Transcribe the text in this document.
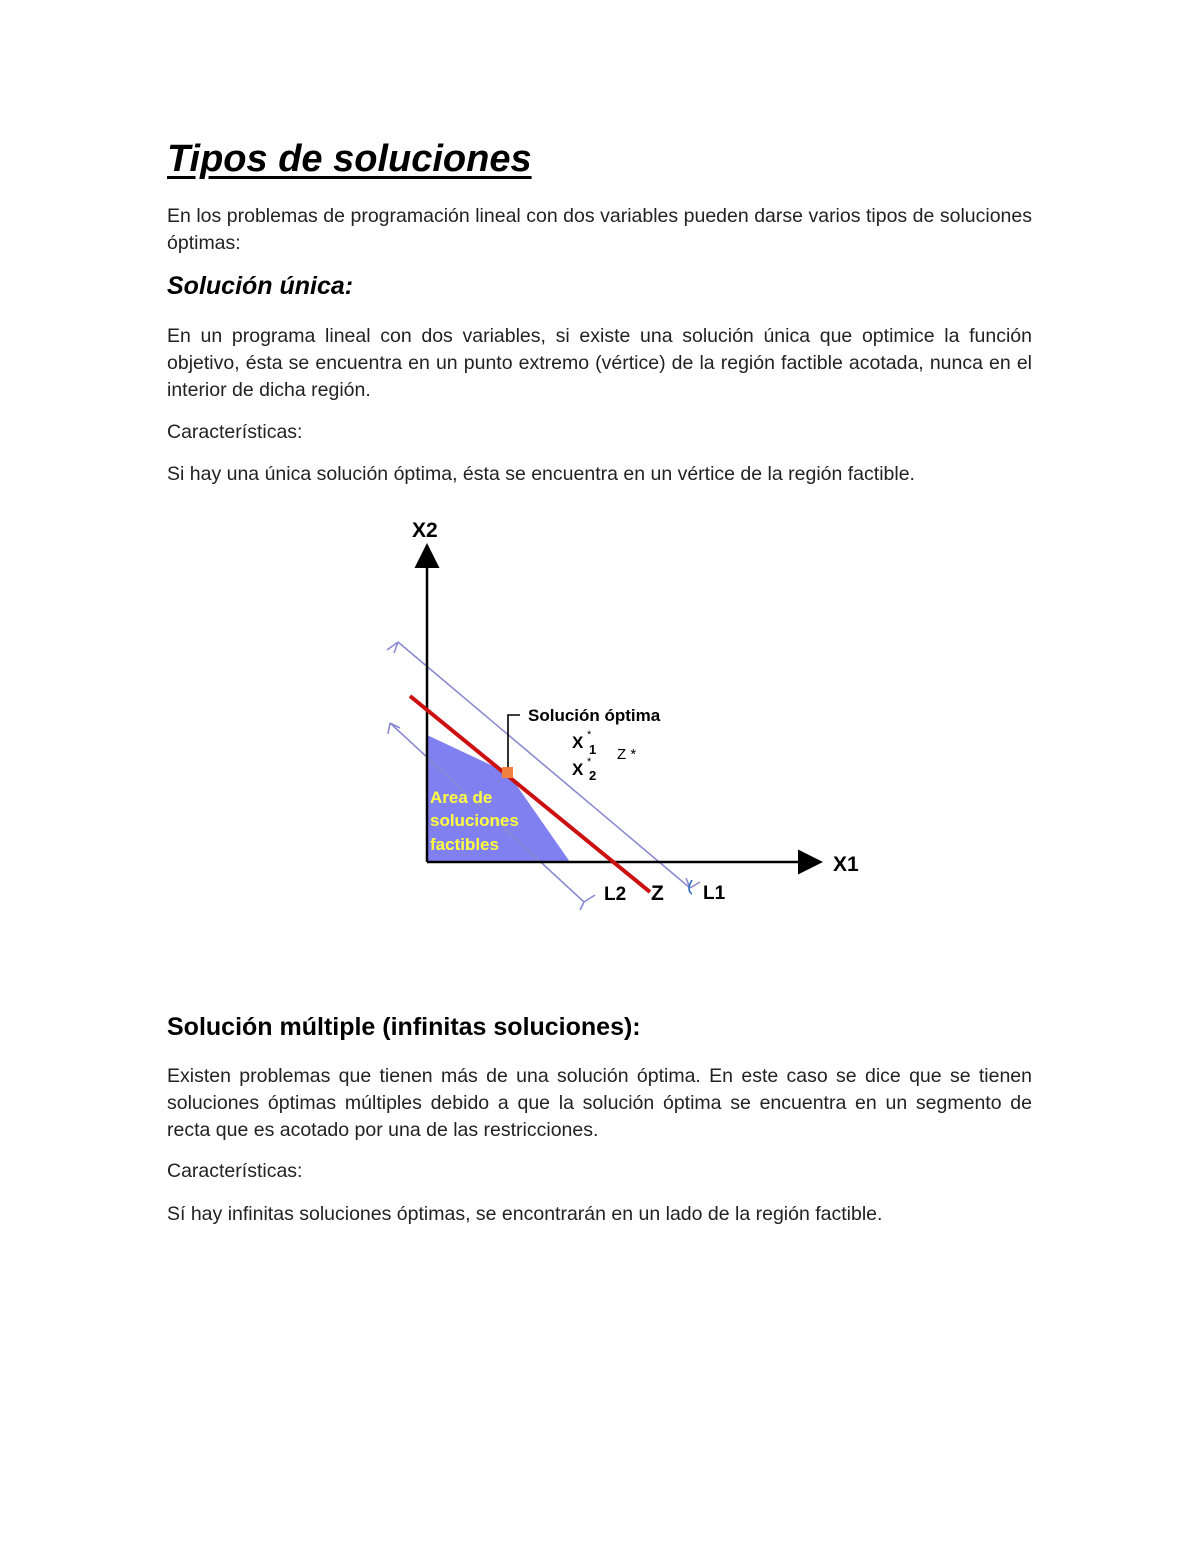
Tipos de soluciones

En los problemas de programación lineal con dos variables pueden darse varios tipos de soluciones óptimas:

Solución única:

En un programa lineal con dos variables, si existe una solución única que optimice la función objetivo, ésta se encuentra en un punto extremo (vértice) de la región factible acotada, nunca en el interior de dicha región.

Características:

Si hay una única solución óptima, ésta se encuentra en un vértice de la región factible.

X2
X1
Solución óptima
X *
1
X *
2
Z *
Area de
soluciones
factibles
L2 Z L1
Solución múltiple (infinitas soluciones):

Existen problemas que tienen más de una solución óptima. En este caso se dice que se tienen soluciones óptimas múltiples debido a que la solución óptima se encuentra en un segmento de recta que es acotado por una de las restricciones.

Características:

Sí hay infinitas soluciones óptimas, se encontrarán en un lado de la región factible.
